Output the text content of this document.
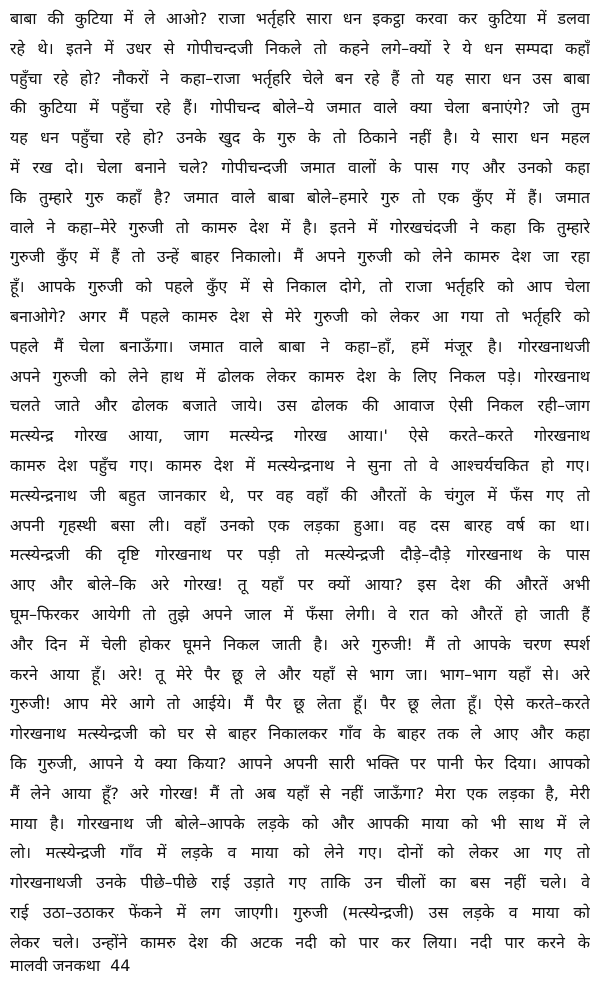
बाबा की कुटिया में ले आओ? राजा भर्तृहरि सारा धन इकट्ठा करवा कर कुटिया में डलवा
रहे थे। इतने में उधर से गोपीचन्दजी निकले तो कहने लगे–क्यों रे ये धन सम्पदा कहाँ
पहुँचा रहे हो? नौकरों ने कहा–राजा भर्तृहरि चेले बन रहे हैं तो यह सारा धन उस बाबा
की कुटिया में पहुँचा रहे हैं। गोपीचन्द बोले–ये जमात वाले क्या चेला बनाएंगे? जो तुम
यह धन पहुँचा रहे हो? उनके खुद के गुरु के तो ठिकाने नहीं है। ये सारा धन महल
में रख दो। चेला बनाने चले? गोपीचन्दजी जमात वालों के पास गए और उनको कहा
कि तुम्हारे गुरु कहाँ है? जमात वाले बाबा बोले–हमारे गुरु तो एक कुँए में हैं। जमात
वाले ने कहा–मेरे गुरुजी तो कामरु देश में है। इतने में गोरखचंदजी ने कहा कि तुम्हारे
गुरुजी कुँए में हैं तो उन्हें बाहर निकालो। मैं अपने गुरुजी को लेने कामरु देश जा रहा
हूँ। आपके गुरुजी को पहले कुँए में से निकाल दोगे, तो राजा भर्तृहरि को आप चेला
बनाओगे? अगर मैं पहले कामरु देश से मेरे गुरुजी को लेकर आ गया तो भर्तृहरि को
पहले मैं चेला बनाऊँगा। जमात वाले बाबा ने कहा–हाँ, हमें मंजूर है। गोरखनाथजी
अपने गुरुजी को लेने हाथ में ढोलक लेकर कामरु देश के लिए निकल पड़े। गोरखनाथ
चलते जाते और ढोलक बजाते जाये। उस ढोलक की आवाज ऐसी निकल रही–जाग
मत्स्येन्द्र गोरख आया, जाग मत्स्येन्द्र गोरख आया।' ऐसे करते–करते गोरखनाथ
कामरु देश पहुँच गए। कामरु देश में मत्स्येन्द्रनाथ ने सुना तो वे आश्चर्यचकित हो गए।
मत्स्येन्द्रनाथ जी बहुत जानकार थे, पर वह वहाँ की औरतों के चंगुल में फँस गए तो
अपनी गृहस्थी बसा ली। वहाँ उनको एक लड़का हुआ। वह दस बारह वर्ष का था।
मत्स्येन्द्रजी की दृष्टि गोरखनाथ पर पड़ी तो मत्स्येन्द्रजी दौड़े–दौड़े गोरखनाथ के पास
आए और बोले–कि अरे गोरख! तू यहाँ पर क्यों आया? इस देश की औरतें अभी
घूम–फिरकर आयेगी तो तुझे अपने जाल में फँसा लेगी। वे रात को औरतें हो जाती हैं
और दिन में चेली होकर घूमने निकल जाती है। अरे गुरुजी! मैं तो आपके चरण स्पर्श
करने आया हूँ। अरे! तू मेरे पैर छू ले और यहाँ से भाग जा। भाग–भाग यहाँ से। अरे
गुरुजी! आप मेरे आगे तो आईये। मैं पैर छू लेता हूँ। पैर छू लेता हूँ। ऐसे करते–करते
गोरखनाथ मत्स्येन्द्रजी को घर से बाहर निकालकर गाँव के बाहर तक ले आए और कहा
कि गुरुजी, आपने ये क्या किया? आपने अपनी सारी भक्ति पर पानी फेर दिया। आपको
मैं लेने आया हूँ? अरे गोरख! मैं तो अब यहाँ से नहीं जाऊँगा? मेरा एक लड़का है, मेरी
माया है। गोरखनाथ जी बोले–आपके लड़के को और आपकी माया को भी साथ में ले
लो। मत्स्येन्द्रजी गाँव में लड़के व माया को लेने गए। दोनों को लेकर आ गए तो
गोरखनाथजी उनके पीछे–पीछे राई उड़ाते गए ताकि उन चीलों का बस नहीं चले। वे
राई उठा–उठाकर फेंकने में लग जाएगी। गुरुजी (मत्स्येन्द्रजी) उस लड़के व माया को
लेकर चले। उन्होंने कामरु देश की अटक नदी को पार कर लिया। नदी पार करने के
मालवी जनकथा 44
